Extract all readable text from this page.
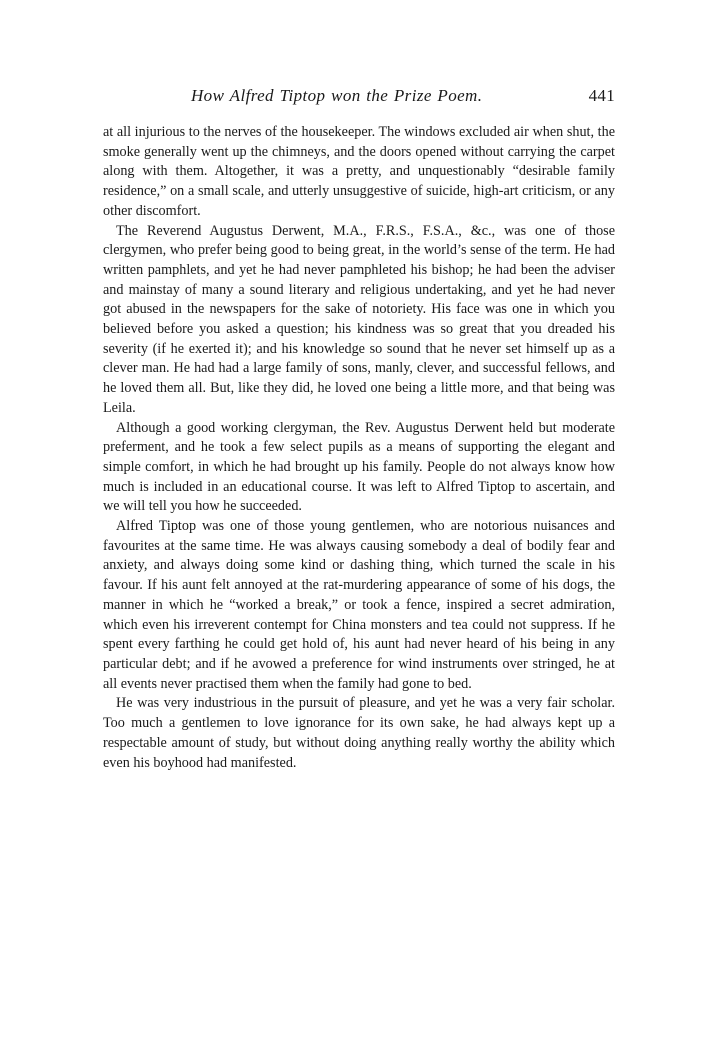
How Alfred Tiptop won the Prize Poem.	441

at all injurious to the nerves of the housekeeper. The windows excluded air when shut, the smoke generally went up the chimneys, and the doors opened without carrying the carpet along with them. Altogether, it was a pretty, and unquestionably “desirable family residence,” on a small scale, and utterly unsuggestive of suicide, high-art criticism, or any other discomfort.

The Reverend Augustus Derwent, M.A., F.R.S., F.S.A., &c., was one of those clergymen, who prefer being good to being great, in the world’s sense of the term. He had written pamphlets, and yet he had never pamphleted his bishop; he had been the adviser and mainstay of many a sound literary and religious undertaking, and yet he had never got abused in the newspapers for the sake of notoriety. His face was one in which you believed before you asked a question; his kindness was so great that you dreaded his severity (if he exerted it); and his knowledge so sound that he never set himself up as a clever man. He had had a large family of sons, manly, clever, and successful fellows, and he loved them all. But, like they did, he loved one being a little more, and that being was Leila.

Although a good working clergyman, the Rev. Augustus Derwent held but moderate preferment, and he took a few select pupils as a means of supporting the elegant and simple comfort, in which he had brought up his family. People do not always know how much is included in an educational course. It was left to Alfred Tiptop to ascertain, and we will tell you how he succeeded.

Alfred Tiptop was one of those young gentlemen, who are notorious nuisances and favourites at the same time. He was always causing somebody a deal of bodily fear and anxiety, and always doing some kind or dashing thing, which turned the scale in his favour. If his aunt felt annoyed at the rat-murdering appearance of some of his dogs, the manner in which he “worked a break,” or took a fence, inspired a secret admiration, which even his irreverent contempt for China monsters and tea could not suppress. If he spent every farthing he could get hold of, his aunt had never heard of his being in any particular debt; and if he avowed a preference for wind instruments over stringed, he at all events never practised them when the family had gone to bed.

He was very industrious in the pursuit of pleasure, and yet he was a very fair scholar. Too much a gentlemen to love ignorance for its own sake, he had always kept up a respectable amount of study, but without doing anything really worthy the ability which even his boyhood had manifested.
